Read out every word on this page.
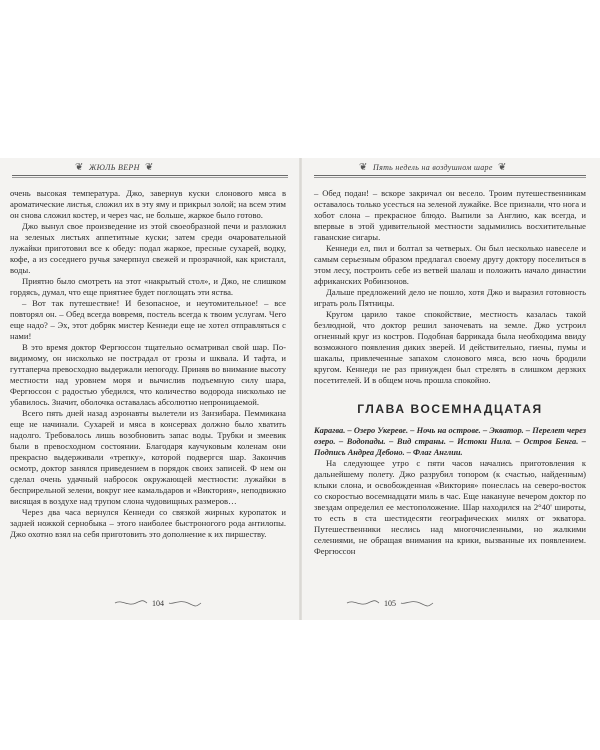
❦ ЖЮЛЬ ВЕРН ❦

очень высокая температура. Джо, завернув куски слонового мяса в ароматические листья, сложил их в эту яму и прикрыл золой; на всем этим он снова сложил костер, и через час, не больше, жаркое было готово.

Джо вынул свое произведение из этой своеобразной печи и разложил на зеленых листьях аппетитные куски; затем среди очаровательной лужайки приготовил все к обеду: подал жаркое, пресные сухарей, водку, кофе, а из соседнего ручья зачерпнул свежей и прозрачной, как кристалл, воды.

Приятно было смотреть на этот «накрытый стол», и Джо, не слишком гордясь, думал, что еще приятнее будет поглощать эти яства.

– Вот так путешествие! И безопасное, и неутомительное! – все повторял он. – Обед всегда вовремя, постель всегда к твоим услугам. Чего еще надо? – Эх, этот добряк мистер Кеннеди еще не хотел отправляться с нами!

В это время доктор Фергюссон тщательно осматривал свой шар. По-видимому, он нисколько не пострадал от грозы и шквала. И тафта, и гуттаперча превосходно выдержали непогоду. Приняв во внимание высоту местности над уровнем моря и вычислив подъемную силу шара, Фергюссон с радостью убедился, что количество водорода нисколько не убавилось. Значит, оболочка оставалась абсолютно непроницаемой.

Всего пять дней назад аэронавты вылетели из Занзибара. Пеммикана еще не начинали. Сухарей и мяса в консервах должно было хватить надолго. Требовалось лишь возобновить запас воды. Трубки и змеевик были в превосходном состоянии. Благодаря каучуковым коленам они прекрасно выдерживали «трепку», которой подвергся шар. Закончив осмотр, доктор занялся приведением в порядок своих записей. Ф нем он сделал очень удачный набросок окружающей местности: лужайки в бесприрельной зелени, вокруг нее камальдаров и «Виктория», неподвижно висящая в воздухе над трупом слона чудовищных размеров…

Через два часа вернулся Кеннеди со связкой жирных куропаток и задней ножкой сернобыка – этого наиболее быстроногого рода антилопы. Джо охотно взял на себя приготовить это дополнение к их пиршеству.

104
❦ Пять недель на воздушном шаре ❦

– Обед подан! – вскоре закричал он весело. Троим путешественникам оставалось только усесться на зеленой лужайке. Все признали, что нога и хобот слона – прекрасное блюдо. Выпили за Англию, как всегда, и впервые в этой удивительной местности задымились восхитительные гаванские сигары.

Кеннеди ел, пил и болтал за четверых. Он был несколько навеселе и самым серьезным образом предлагал своему другу доктору поселиться в этом лесу, построить себе из ветвей шалаш и положить начало династии африканских Робинзонов.

Дальше предложений дело не пошло, хотя Джо и выразил готовность играть роль Пятницы.

Кругом царило такое спокойствие, местность казалась такой безлюдной, что доктор решил заночевать на земле. Джо устроил огненный круг из костров. Подобная баррикада была необходима ввиду возможного появления диких зверей. И действительно, гиены, пумы и шакалы, привлеченные запахом слонового мяса, всю ночь бродили кругом. Кеннеди не раз принужден был стрелять в слишком дерзких посетителей. И в общем ночь прошла спокойно.

ГЛАВА ВОСЕМНАДЦАТАЯ

Карагва. – Озеро Укереве. – Ночь на острове. – Экватор. – Перелет через озеро. – Водопады. – Вид страны. – Истоки Нила. – Остров Бенга. – Подпись Андреа Дебоно. – Флаг Англии.

На следующее утро с пяти часов начались приготовления к дальнейшему полету. Джо разрубил топором (к счастью, найденным) клыки слона, и освобожденная «Виктория» понеслась на северо-восток со скоростью восемнадцати миль в час. Еще накануне вечером доктор по звездам определил ее местоположение. Шар находился на 2°40' широты, то есть в ста шестидесяти географических милях от экватора. Путешественники неслись над многочисленными, но жалкими селениями, не обращая внимания на крики, вызванные их появлением. Фергюссон

105
